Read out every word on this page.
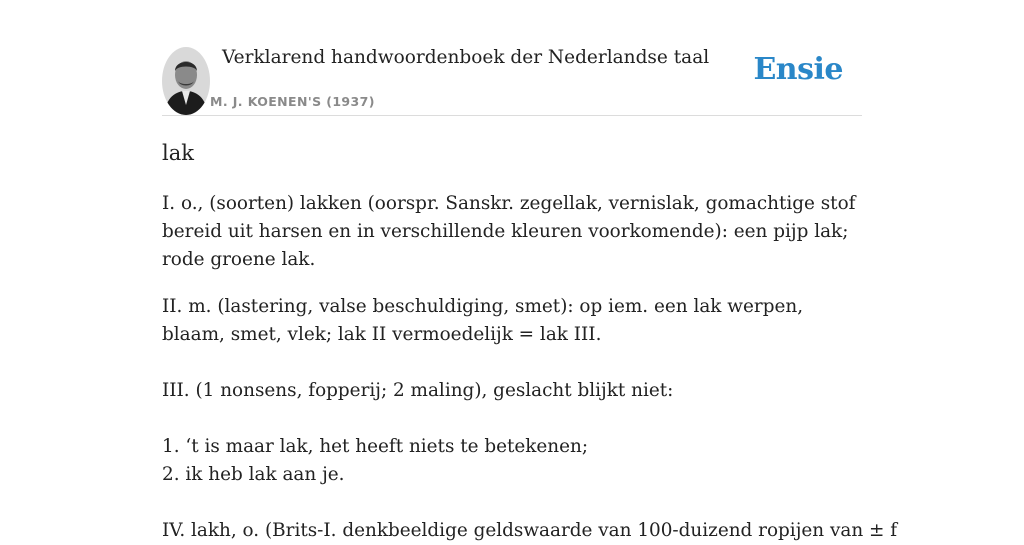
Verklarend handwoordenboek der Nederlandse taal
M. J. KOENEN'S (1937)
Ensie
lak

I. o., (soorten) lakken (oorspr. Sanskr. zegellak, vernislak, gomachtige stof bereid uit harsen en in verschillende kleuren voorkomende): een pijp lak; rode groene lak.

II. m. (lastering, valse beschuldiging, smet): op iem. een lak werpen, blaam, smet, vlek; lak II vermoedelijk = lak III.

III. (1 nonsens, fopperij; 2 maling), geslacht blijkt niet:

1. ‘t is maar lak, het heeft niets te betekenen;
2. ik heb lak aan je.
IV. lakh, o. (Brits-I. denkbeeldige geldswaarde van 100-duizend ropijen van ± f
